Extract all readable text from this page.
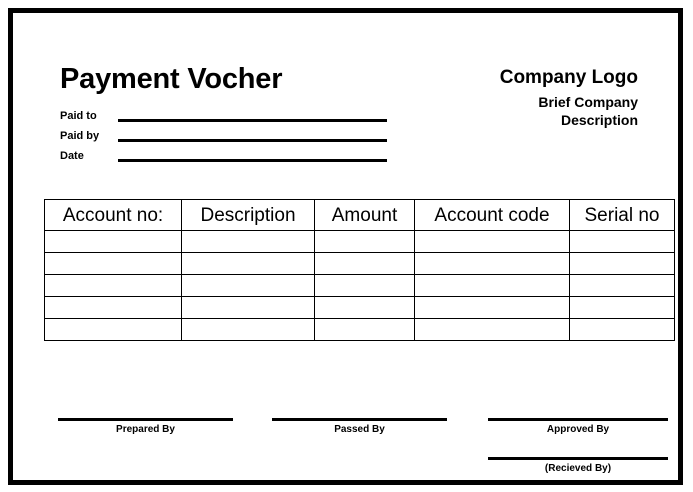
Payment Vocher	Company Logo
Brief Company
Description
Paid to
Paid by
Date
Account no:	Description	Amount	Account code	Serial no

Prepared By	Passed By	Approved By
(Recieved By)
